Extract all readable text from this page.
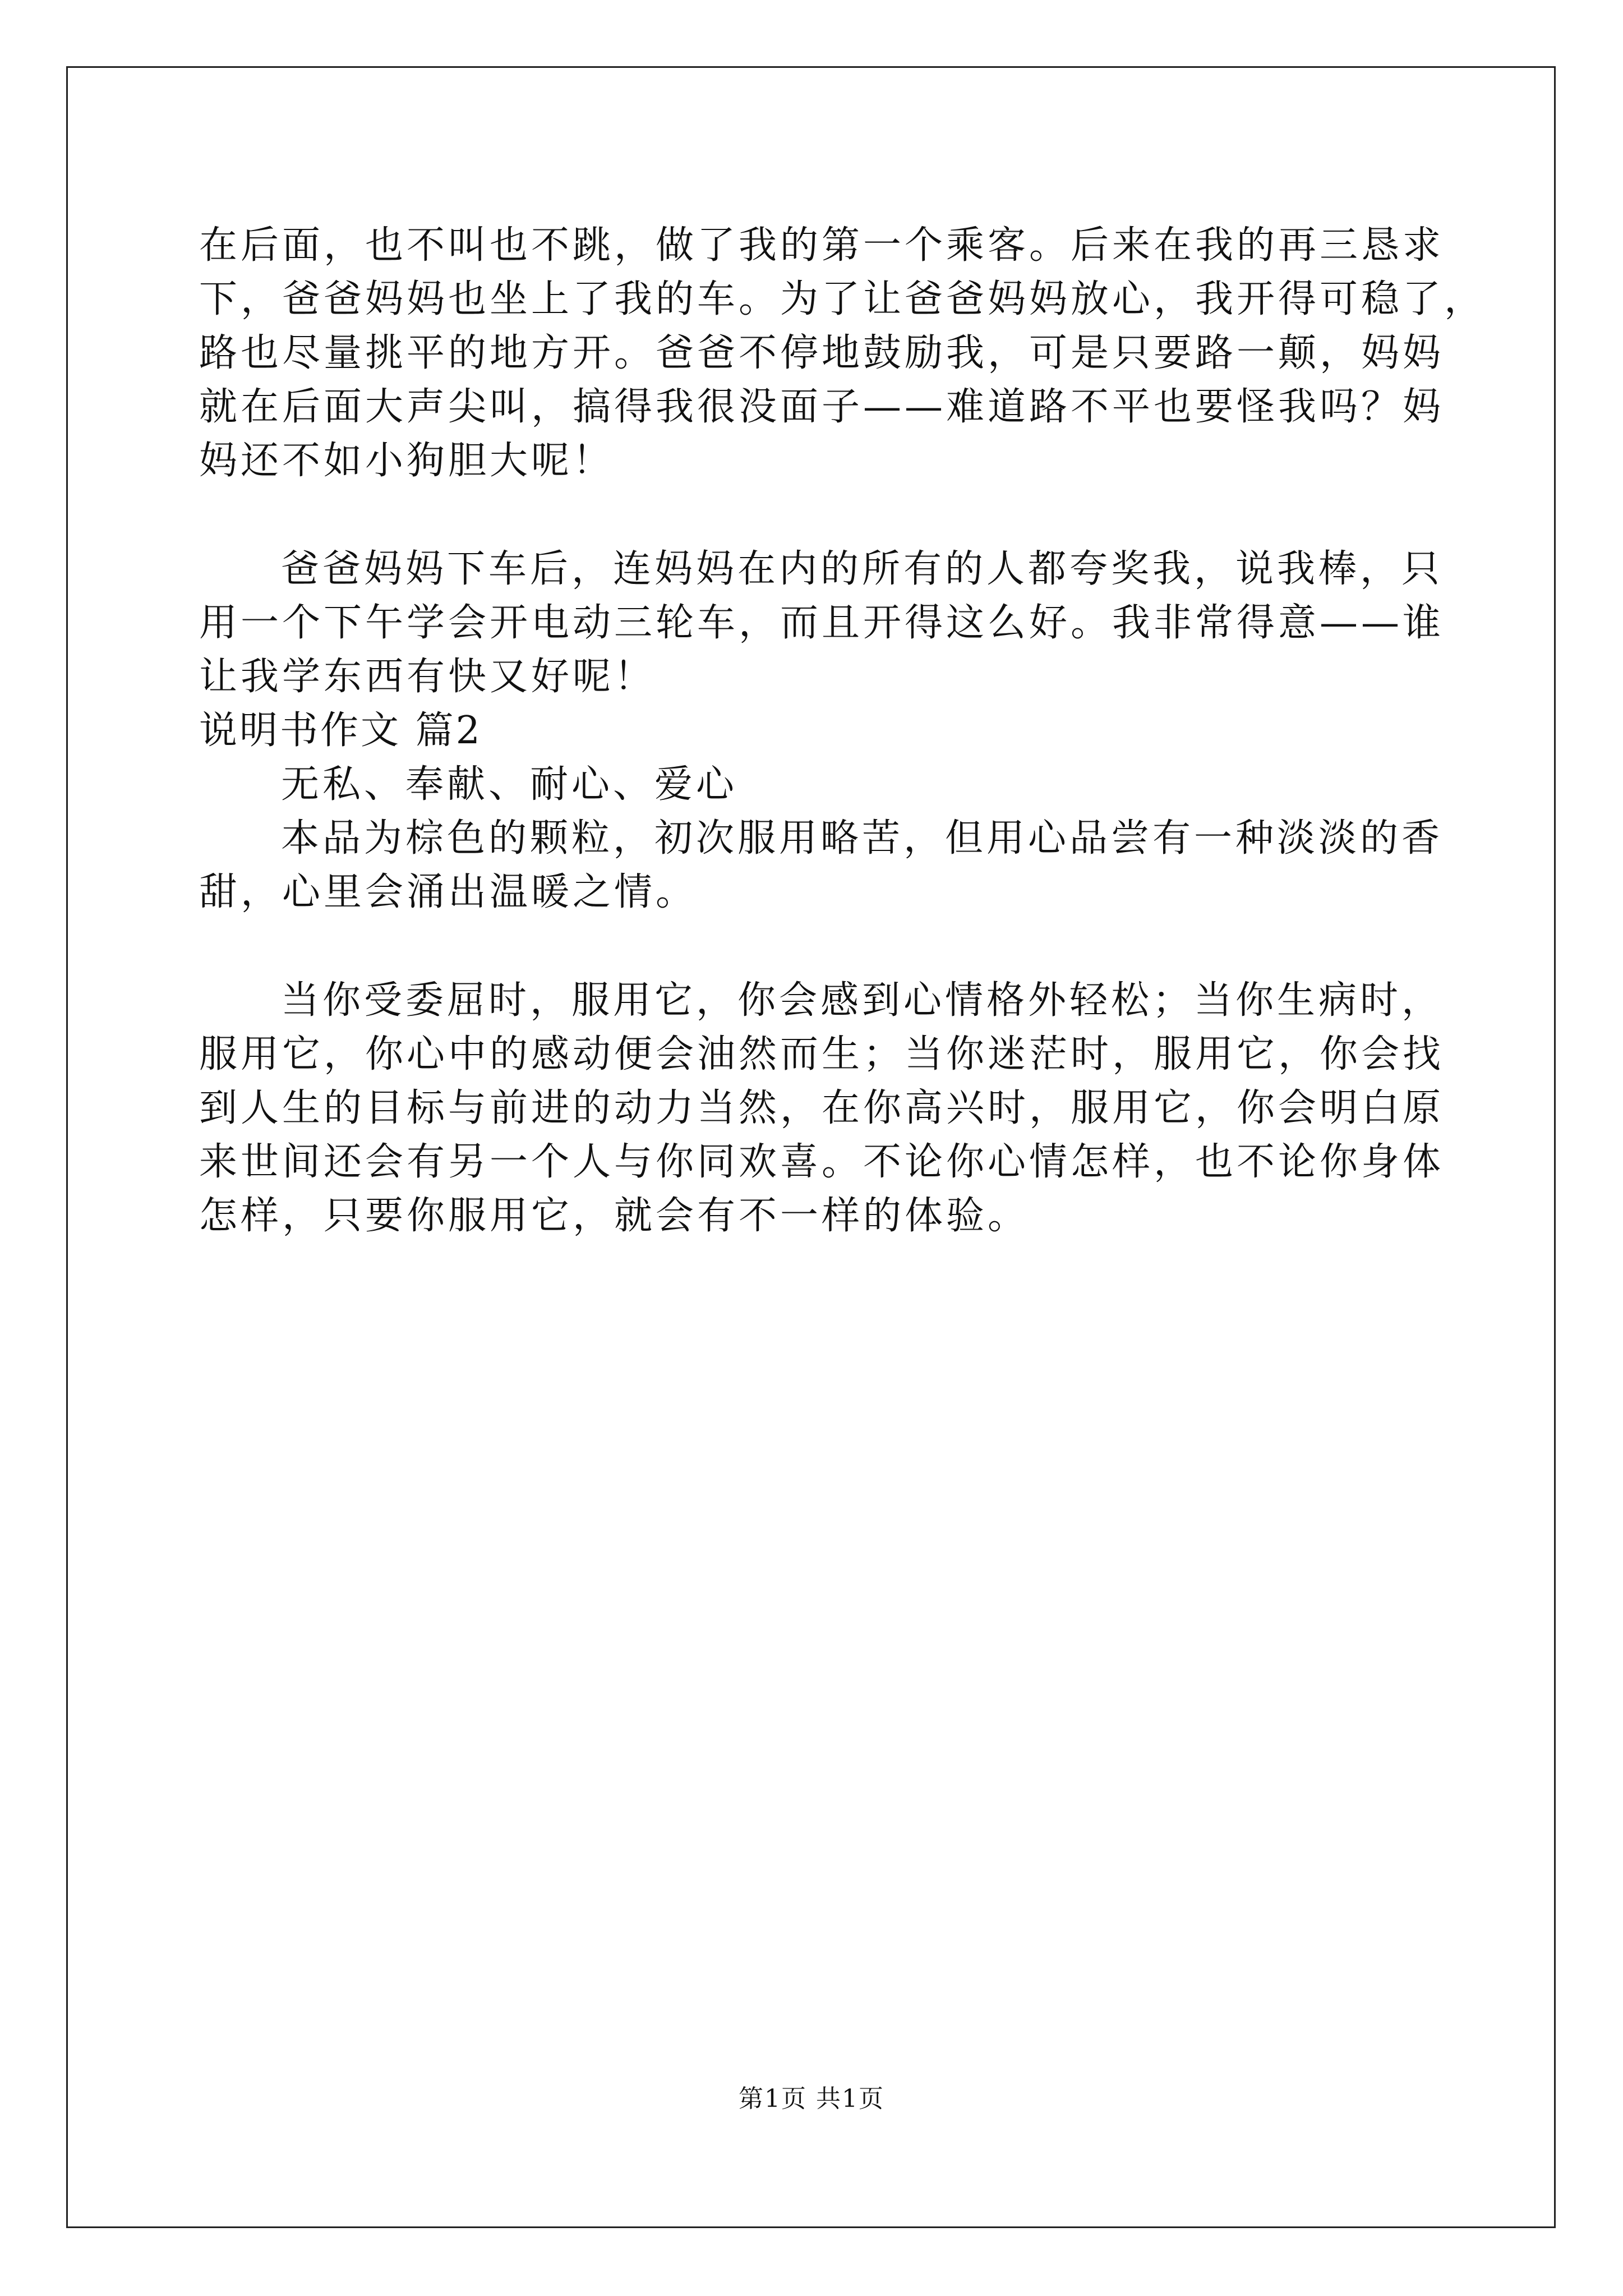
在后面，也不叫也不跳，做了我的第一个乘客。后来在我的再三恳求

下，爸爸妈妈也坐上了我的车。为了让爸爸妈妈放心，我开得可稳了，

路也尽量挑平的地方开。爸爸不停地鼓励我，可是只要路一颠，妈妈

就在后面大声尖叫，搞得我很没面子——难道路不平也要怪我吗？妈

妈还不如小狗胆大呢！

爸爸妈妈下车后，连妈妈在内的所有的人都夸奖我，说我棒，只

用一个下午学会开电动三轮车，而且开得这么好。我非常得意——谁

让我学东西有快又好呢！

说明书作文 篇2

无私、奉献、耐心、爱心

本品为棕色的颗粒，初次服用略苦，但用心品尝有一种淡淡的香

甜，心里会涌出温暖之情。

当你受委屈时，服用它，你会感到心情格外轻松；当你生病时，

服用它，你心中的感动便会油然而生；当你迷茫时，服用它，你会找

到人生的目标与前进的动力当然，在你高兴时，服用它，你会明白原

来世间还会有另一个人与你同欢喜。不论你心情怎样，也不论你身体

怎样，只要你服用它，就会有不一样的体验。

第1页 共1页
